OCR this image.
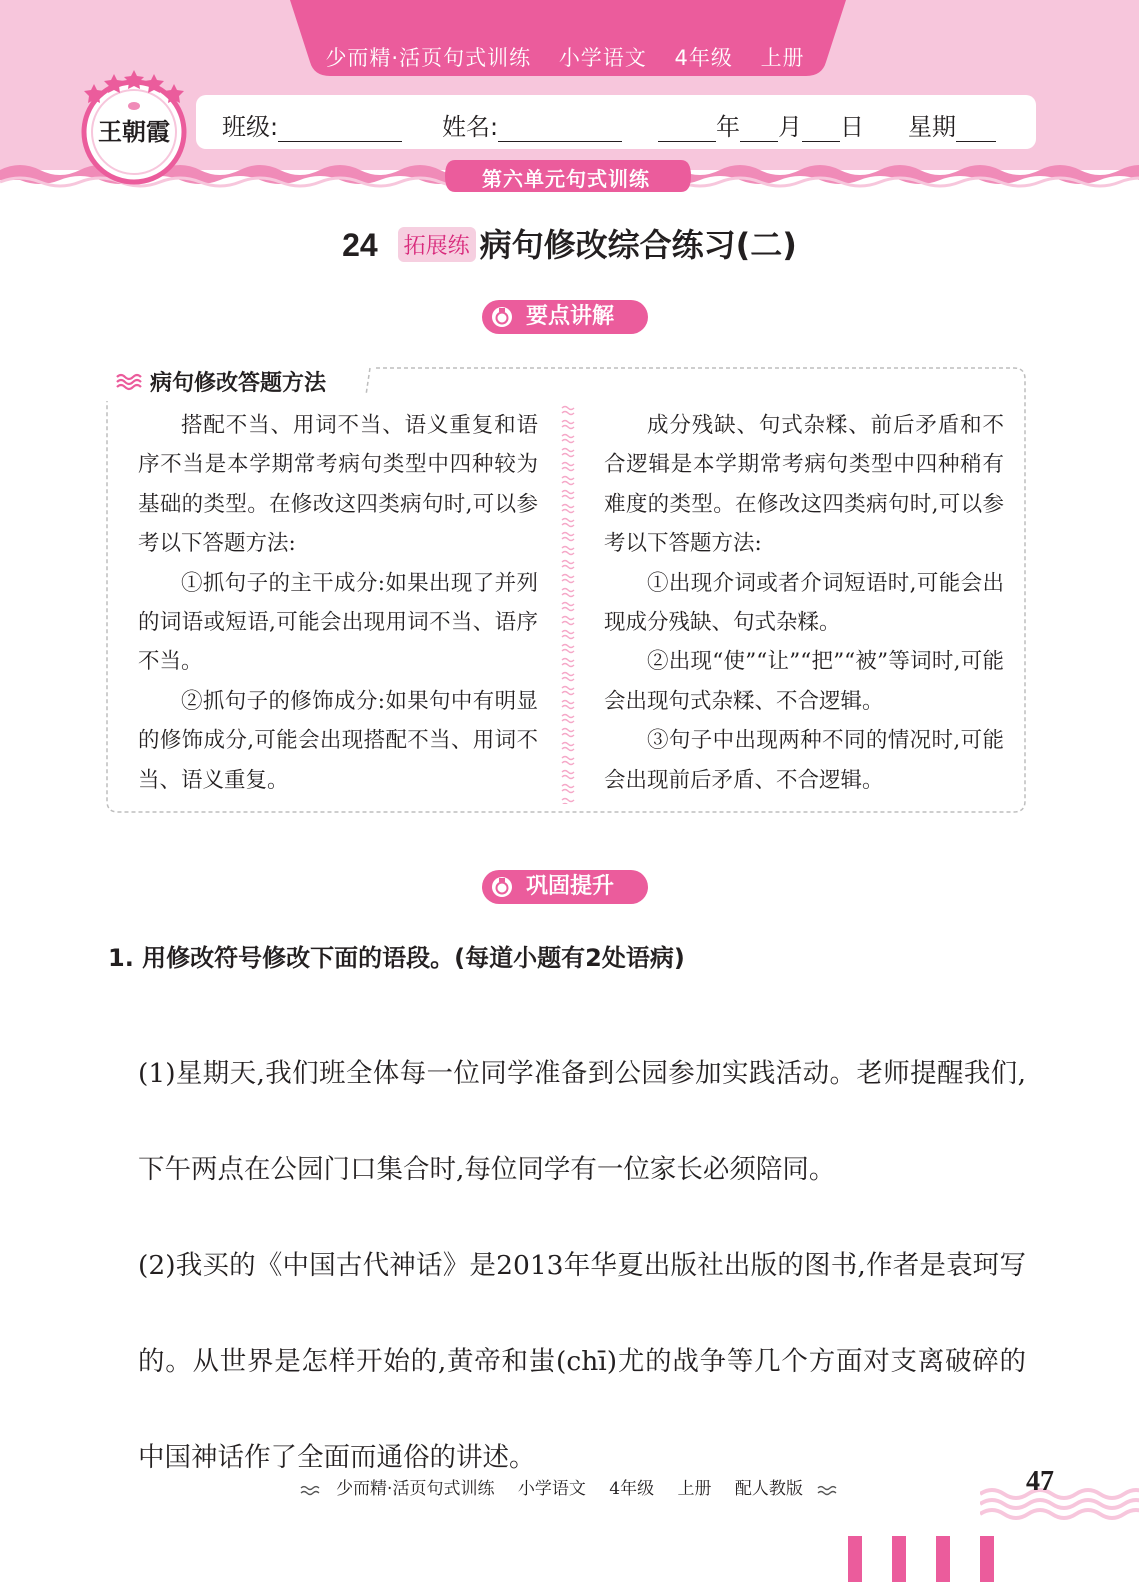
少而精·活页句式训练 小学语文 4年级 上册
班级:	姓名:	年 月 日 星期
王朝霞
第六单元句式训练
24 拓展练 病句修改综合练习(二)
要点讲解
病句修改答题方法

搭配不当、用词不当、语义重复和语序不当是本学期常考病句类型中四种较为基础的类型。在修改这四类病句时,可以参考以下答题方法:

①抓句子的主干成分:如果出现了并列的词语或短语,可能会出现用词不当、语序不当。

②抓句子的修饰成分:如果句中有明显的修饰成分,可能会出现搭配不当、用词不当、语义重复。

成分残缺、句式杂糅、前后矛盾和不合逻辑是本学期常考病句类型中四种稍有难度的类型。在修改这四类病句时,可以参考以下答题方法:

①出现介词或者介词短语时,可能会出现成分残缺、句式杂糅。

②出现“使”“让”“把”“被”等词时,可能会出现句式杂糅、不合逻辑。

③句子中出现两种不同的情况时,可能会出现前后矛盾、不合逻辑。

巩固提升
1. 用修改符号修改下面的语段。(每道小题有2处语病)

(1)星期天,我们班全体每一位同学准备到公园参加实践活动。老师提醒我们,下午两点在公园门口集合时,每位同学有一位家长必须陪同。

(2)我买的《中国古代神话》是2013年华夏出版社出版的图书,作者是袁珂写的。从世界是怎样开始的,黄帝和蚩(chī)尤的战争等几个方面对支离破碎的中国神话作了全面而通俗的讲述。

少而精·活页句式训练 小学语文 4年级 上册 配人教版	47
